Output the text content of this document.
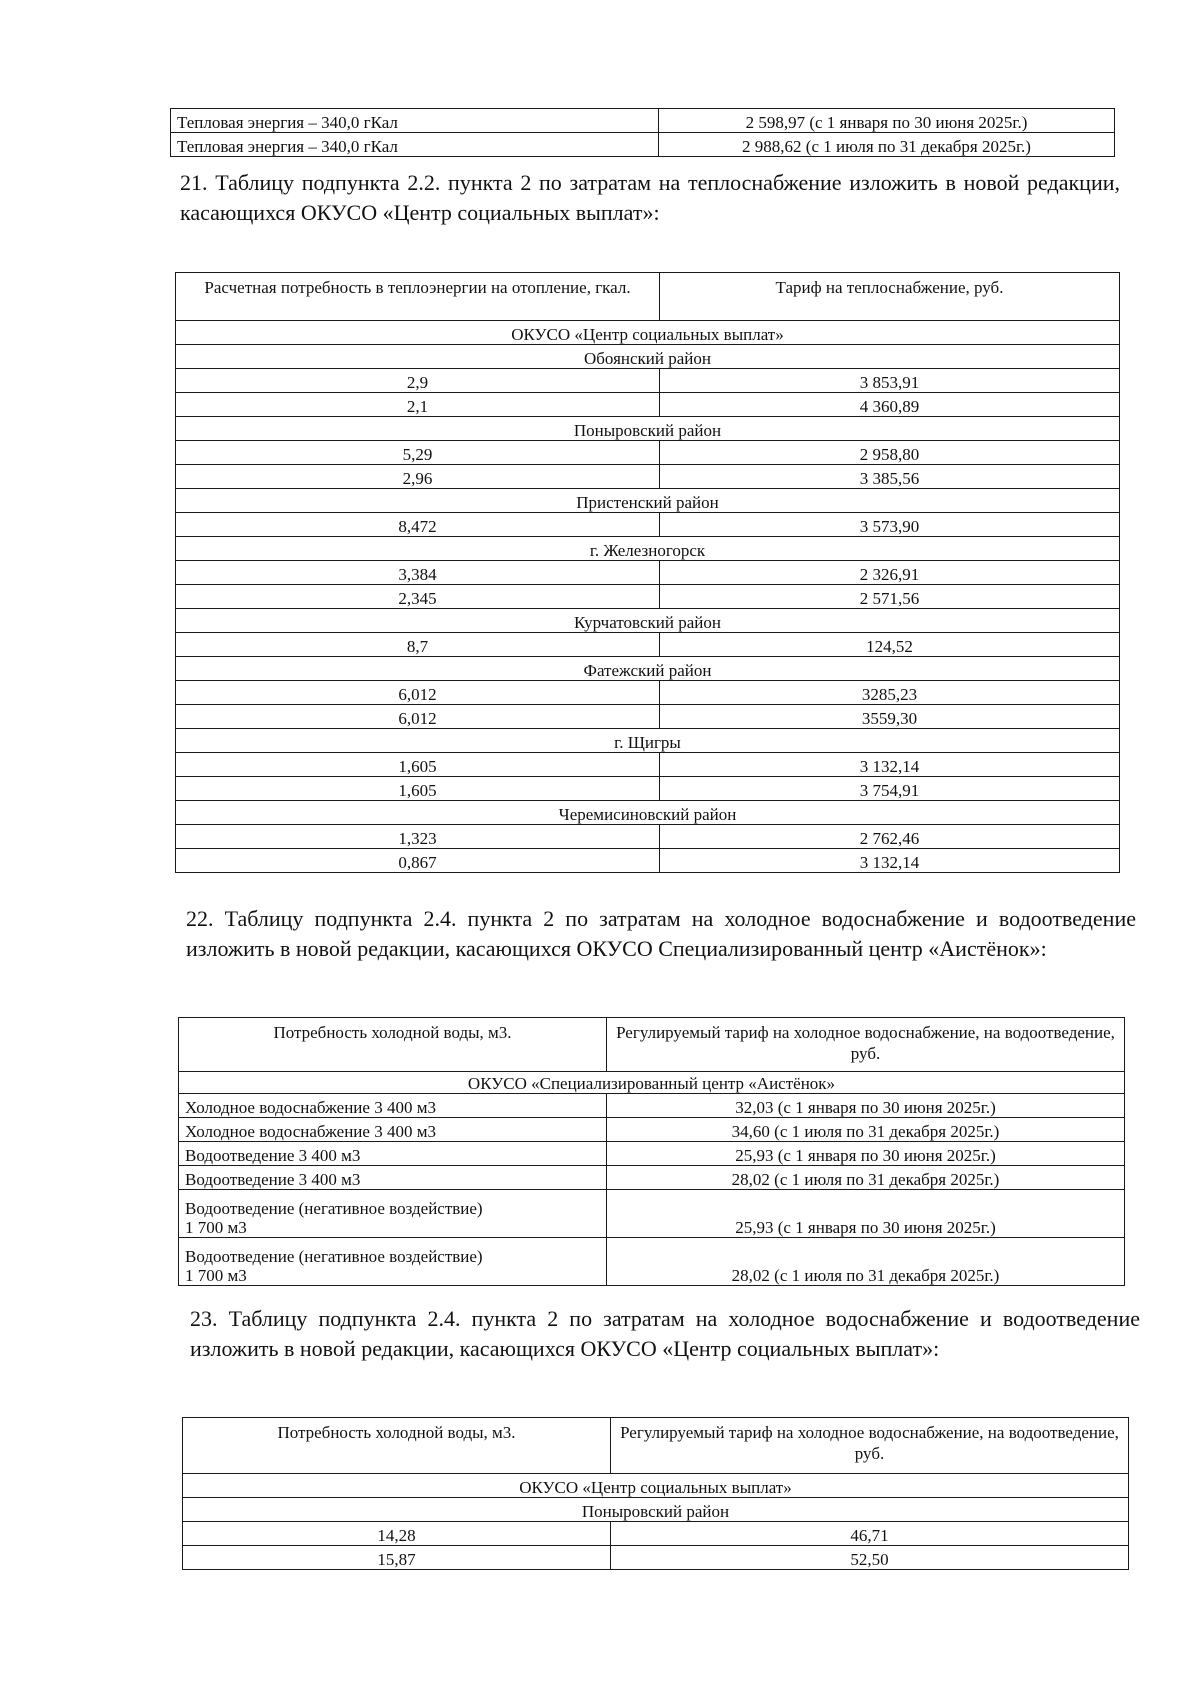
Тепловая энергия – 340,0 гКал	2 598,97 (с 1 января по 30 июня 2025г.)
Тепловая энергия – 340,0 гКал	2 988,62 (с 1 июля по 31 декабря 2025г.)

21. Таблицу подпункта 2.2. пункта 2 по затратам на теплоснабжение изложить в новой редакции, касающихся ОКУСО «Центр социальных выплат»:

Расчетная потребность в теплоэнергии на отопление, гкал.	Тариф на теплоснабжение, руб.
ОКУСО «Центр социальных выплат»	
Обоянский район	
2,9	3 853,91
2,1	4 360,89
Поныровский район	
5,29	2 958,80
2,96	3 385,56
Пристенский район	
8,472	3 573,90
г. Железногорск	
3,384	2 326,91
2,345	2 571,56
Курчатовский район	
8,7	124,52
Фатежский район	
6,012	3285,23
6,012	3559,30
г. Щигры	
1,605	3 132,14
1,605	3 754,91
Черемисиновский район	
1,323	2 762,46
0,867	3 132,14

22. Таблицу подпункта 2.4. пункта 2 по затратам на холодное водоснабжение и водоотведение изложить в новой редакции, касающихся ОКУСО Специализированный центр «Аистёнок»:

Потребность холодной воды, м3.	Регулируемый тариф на холодное водоснабжение, на водоотведение, руб.
ОКУСО «Специализированный центр «Аистёнок»	
Холодное водоснабжение 3 400 м3	32,03 (с 1 января по 30 июня 2025г.)
Холодное водоснабжение 3 400 м3	34,60 (с 1 июля по 31 декабря 2025г.)
Водоотведение 3 400 м3	25,93 (с 1 января по 30 июня 2025г.)
Водоотведение 3 400 м3	28,02 (с 1 июля по 31 декабря 2025г.)
Водоотведение (негативное воздействие)
1 700 м3	25,93 (с 1 января по 30 июня 2025г.)
Водоотведение (негативное воздействие)
1 700 м3	28,02 (с 1 июля по 31 декабря 2025г.)

23. Таблицу подпункта 2.4. пункта 2 по затратам на холодное водоснабжение и водоотведение изложить в новой редакции, касающихся ОКУСО «Центр социальных выплат»:

Потребность холодной воды, м3.	Регулируемый тариф на холодное водоснабжение, на водоотведение, руб.
ОКУСО «Центр социальных выплат»	
Поныровский район	
14,28	46,71
15,87	52,50
